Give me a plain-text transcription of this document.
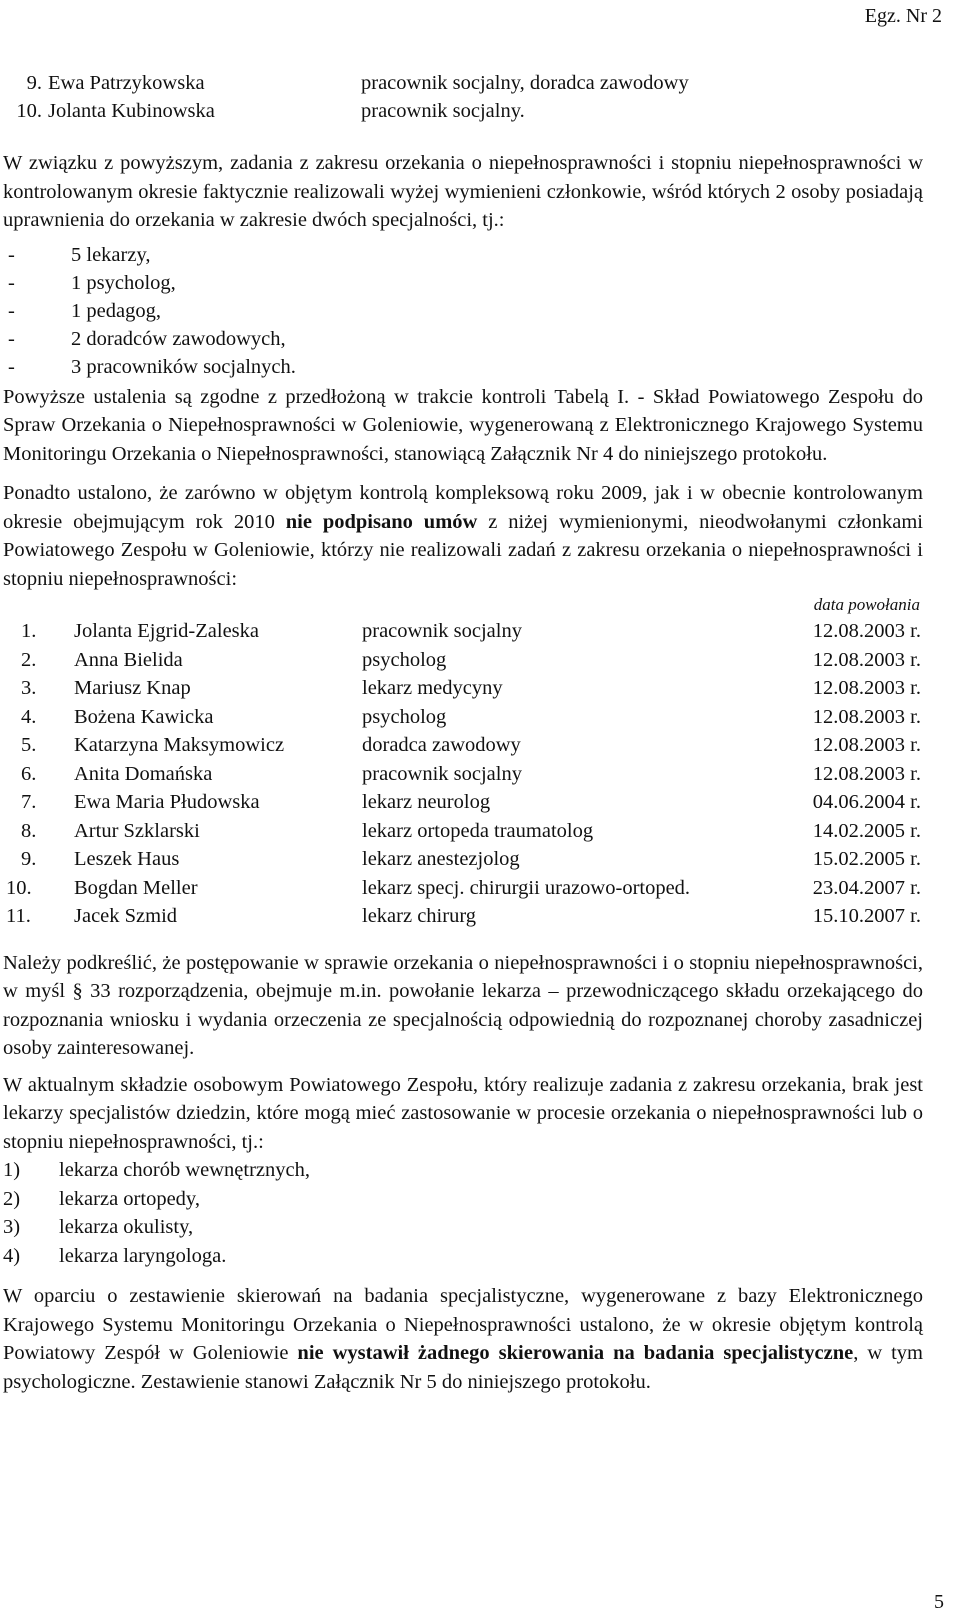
Egz. Nr 2
9. Ewa Patrzykowska	pracownik socjalny, doradca zawodowy
10. Jolanta Kubinowska	pracownik socjalny.

W związku z powyższym, zadania z zakresu orzekania o niepełnosprawności i stopniu niepełnosprawności w kontrolowanym okresie faktycznie realizowali wyżej wymienieni członkowie, wśród których 2 osoby posiadają uprawnienia do orzekania w zakresie dwóch specjalności, tj.:

-	5 lekarzy,
-	1 psycholog,
-	1 pedagog,
-	2 doradców zawodowych,
-	3 pracowników socjalnych.

Powyższe ustalenia są zgodne z przedłożoną w trakcie kontroli Tabelą I. - Skład Powiatowego Zespołu do Spraw Orzekania o Niepełnosprawności w Goleniowie, wygenerowaną z Elektronicznego Krajowego Systemu Monitoringu Orzekania o Niepełnosprawności, stanowiącą Załącznik Nr 4 do niniejszego protokołu.

Ponadto ustalono, że zarówno w objętym kontrolą kompleksową roku 2009, jak i w obecnie kontrolowanym okresie obejmującym rok 2010 nie podpisano umów z niżej wymienionymi, nieodwołanymi członkami Powiatowego Zespołu w Goleniowie, którzy nie realizowali zadań z zakresu orzekania o niepełnosprawności i stopniu niepełnosprawności:

data powołania
1.	Jolanta Ejgrid-Zaleska	pracownik socjalny	12.08.2003 r.
2.	Anna Bielida	psycholog	12.08.2003 r.
3.	Mariusz Knap	lekarz medycyny	12.08.2003 r.
4.	Bożena Kawicka	psycholog	12.08.2003 r.
5.	Katarzyna Maksymowicz	doradca zawodowy	12.08.2003 r.
6.	Anita Domańska	pracownik socjalny	12.08.2003 r.
7.	Ewa Maria Płudowska	lekarz neurolog	04.06.2004 r.
8.	Artur Szklarski	lekarz ortopeda traumatolog	14.02.2005 r.
9.	Leszek Haus	lekarz anestezjolog	15.02.2005 r.
10.	Bogdan Meller	lekarz specj. chirurgii urazowo-ortoped.	23.04.2007 r.
11.	Jacek Szmid	lekarz chirurg	15.10.2007 r.

Należy podkreślić, że postępowanie w sprawie orzekania o niepełnosprawności i o stopniu niepełnosprawności, w myśl § 33 rozporządzenia, obejmuje m.in. powołanie lekarza – przewodniczącego składu orzekającego do rozpoznania wniosku i wydania orzeczenia ze specjalnością odpowiednią do rozpoznanej choroby zasadniczej osoby zainteresowanej.

W aktualnym składzie osobowym Powiatowego Zespołu, który realizuje zadania z zakresu orzekania, brak jest lekarzy specjalistów dziedzin, które mogą mieć zastosowanie w procesie orzekania o niepełnosprawności lub o stopniu niepełnosprawności, tj.:

1)	lekarza chorób wewnętrznych,
2)	lekarza ortopedy,
3)	lekarza okulisty,
4)	lekarza laryngologa.

W oparciu o zestawienie skierowań na badania specjalistyczne, wygenerowane z bazy Elektronicznego Krajowego Systemu Monitoringu Orzekania o Niepełnosprawności ustalono, że w okresie objętym kontrolą Powiatowy Zespół w Goleniowie nie wystawił żadnego skierowania na badania specjalistyczne, w tym psychologiczne. Zestawienie stanowi Załącznik Nr 5 do niniejszego protokołu.

5
